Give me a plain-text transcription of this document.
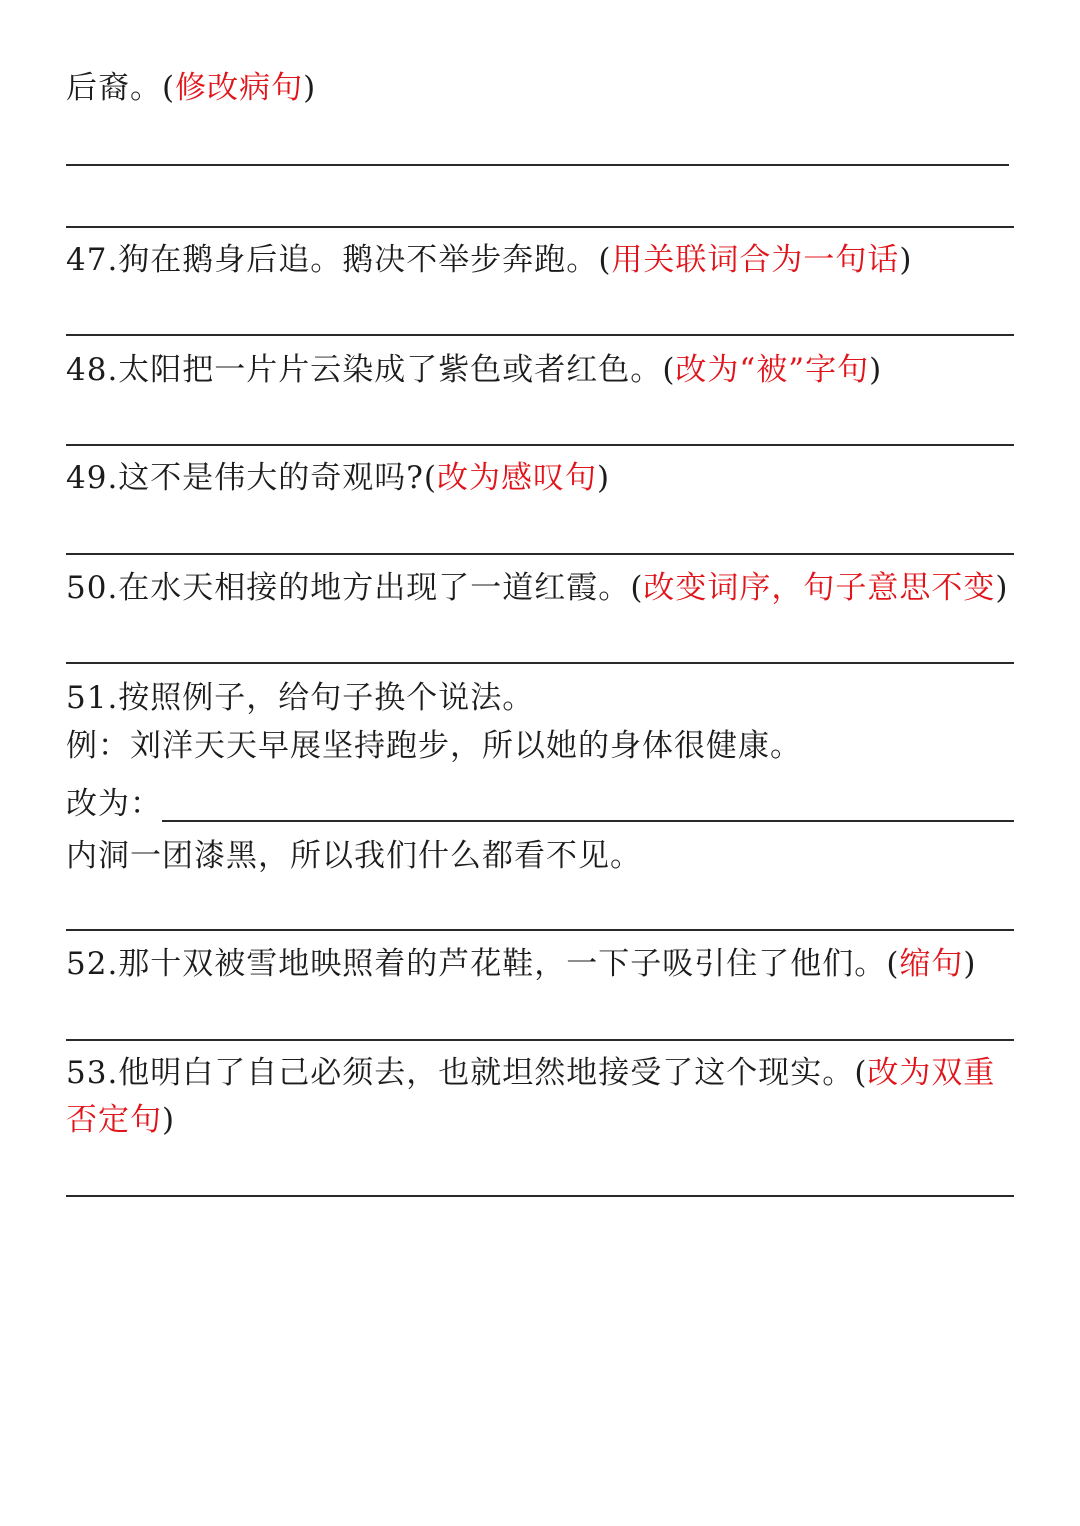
后裔。(修改病句)
47.狗在鹅身后追。鹅决不举步奔跑。(用关联词合为一句话)
48.太阳把一片片云染成了紫色或者红色。(改为“被”字句)
49.这不是伟大的奇观吗?(改为感叹句)
50.在水天相接的地方出现了一道红霞。(改变词序，句子意思不变)
51.按照例子，给句子换个说法。
例：刘洋天天早展坚持跑步，所以她的身体很健康。
改为：
内洞一团漆黑，所以我们什么都看不见。
52.那十双被雪地映照着的芦花鞋，一下子吸引住了他们。(缩句)
53.他明白了自己必须去，也就坦然地接受了这个现实。(改为双重
否定句)
